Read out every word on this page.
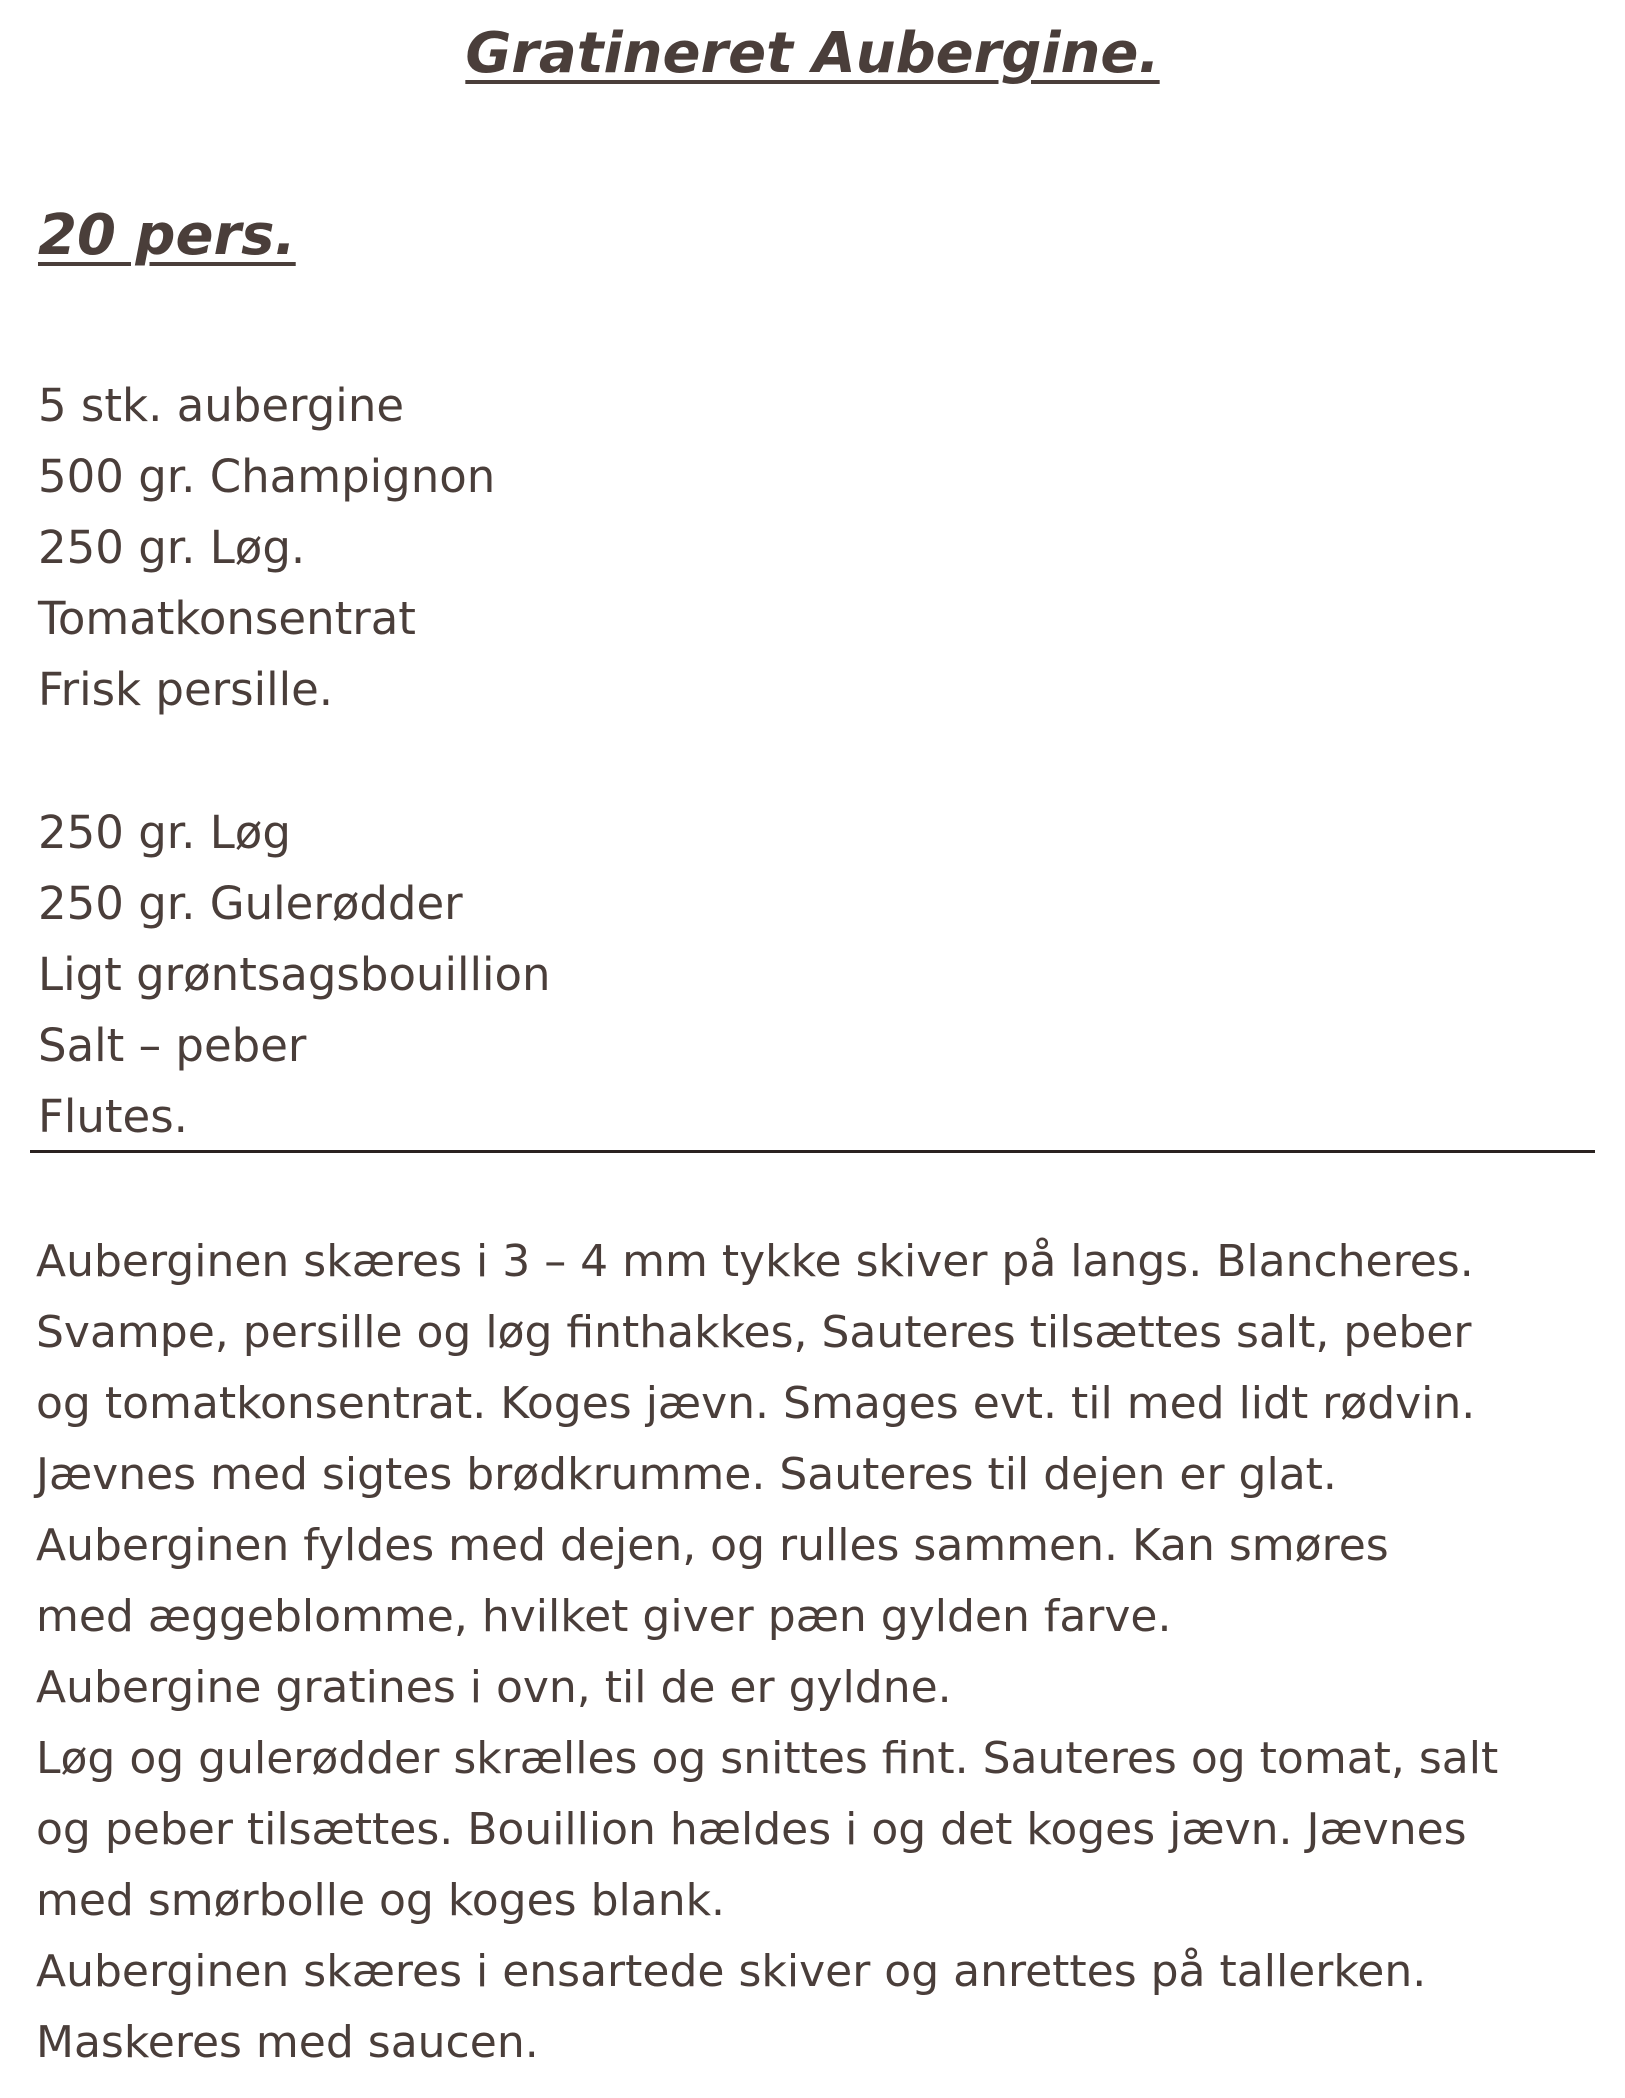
Gratineret Aubergine.
20 pers.
5 stk. aubergine
500 gr. Champignon
250 gr. Løg.
Tomatkonsentrat
Frisk persille.
250 gr. Løg
250 gr. Gulerødder
Ligt grøntsagsbouillion
Salt – peber
Flutes.
Auberginen skæres i 3 – 4 mm tykke skiver på langs. Blancheres.
Svampe, persille og løg finthakkes, Sauteres tilsættes salt, peber
og tomatkonsentrat. Koges jævn. Smages evt. til med lidt rødvin.
Jævnes med sigtes brødkrumme. Sauteres til dejen er glat.
Auberginen fyldes med dejen, og rulles sammen. Kan smøres
med æggeblomme, hvilket giver pæn gylden farve.
Aubergine gratines i ovn, til de er gyldne.
Løg og gulerødder skrælles og snittes fint. Sauteres og tomat, salt
og peber tilsættes. Bouillion hældes i og det koges jævn. Jævnes
med smørbolle og koges blank.
Auberginen skæres i ensartede skiver og anrettes på tallerken.
Maskeres med saucen.
